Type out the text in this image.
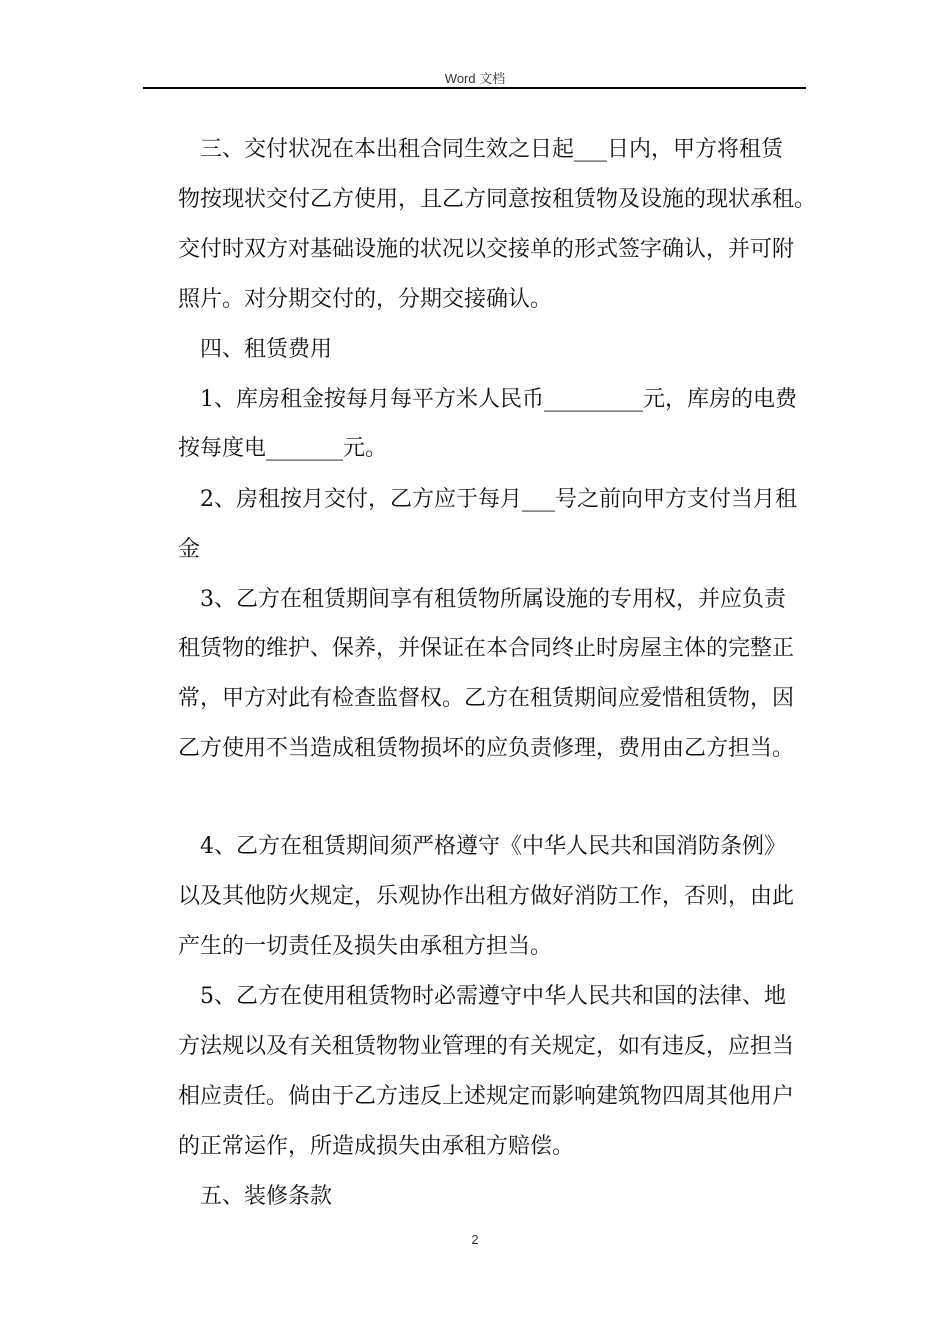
Word 文档
三、交付状况在本出租合同生效之日起___日内，甲方将租赁
物按现状交付乙方使用，且乙方同意按租赁物及设施的现状承租。
交付时双方对基础设施的状况以交接单的形式签字确认，并可附
照片。对分期交付的，分期交接确认。
四、租赁费用
1、库房租金按每月每平方米人民币_________元，库房的电费
按每度电_______元。
2、房租按月交付，乙方应于每月___号之前向甲方支付当月租
金
3、乙方在租赁期间享有租赁物所属设施的专用权，并应负责
租赁物的维护、保养，并保证在本合同终止时房屋主体的完整正
常，甲方对此有检查监督权。乙方在租赁期间应爱惜租赁物，因
乙方使用不当造成租赁物损坏的应负责修理，费用由乙方担当。
4、乙方在租赁期间须严格遵守《中华人民共和国消防条例》
以及其他防火规定，乐观协作出租方做好消防工作，否则，由此
产生的一切责任及损失由承租方担当。
5、乙方在使用租赁物时必需遵守中华人民共和国的法律、地
方法规以及有关租赁物物业管理的有关规定，如有违反，应担当
相应责任。倘由于乙方违反上述规定而影响建筑物四周其他用户
的正常运作，所造成损失由承租方赔偿。
五、装修条款
2
